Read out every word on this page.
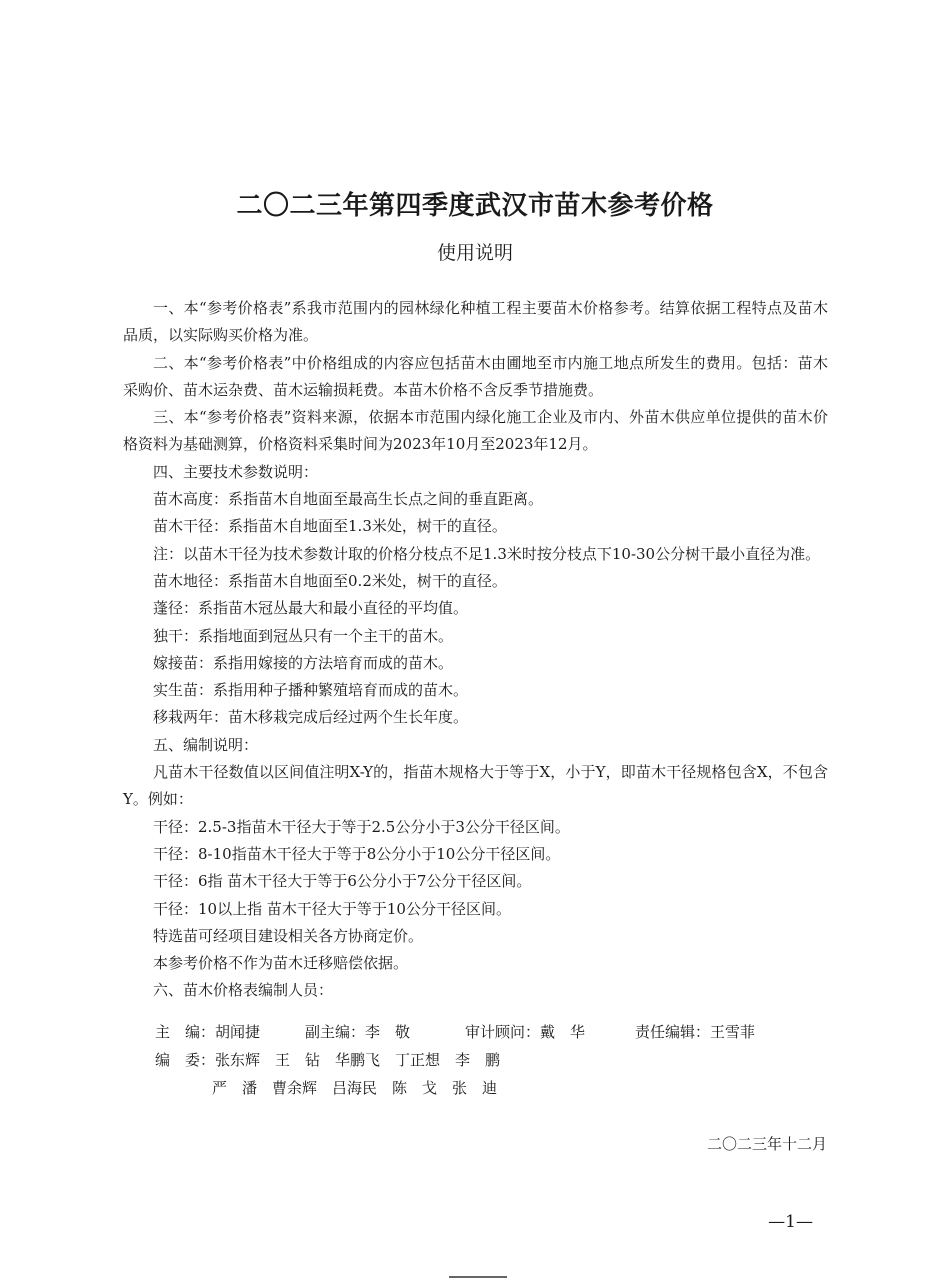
二〇二三年第四季度武汉市苗木参考价格
使用说明

一、本“参考价格表”系我市范围内的园林绿化种植工程主要苗木价格参考。结算依据工程特点及苗木品质，以实际购买价格为准。

二、本“参考价格表”中价格组成的内容应包括苗木由圃地至市内施工地点所发生的费用。包括：苗木采购价、苗木运杂费、苗木运输损耗费。本苗木价格不含反季节措施费。

三、本“参考价格表”资料来源，依据本市范围内绿化施工企业及市内、外苗木供应单位提供的苗木价格资料为基础测算，价格资料采集时间为2023年10月至2023年12月。

四、主要技术参数说明：

苗木高度：系指苗木自地面至最高生长点之间的垂直距离。

苗木干径：系指苗木自地面至1.3米处，树干的直径。

注：以苗木干径为技术参数计取的价格分枝点不足1.3米时按分枝点下10-30公分树干最小直径为准。

苗木地径：系指苗木自地面至0.2米处，树干的直径。

蓬径：系指苗木冠丛最大和最小直径的平均值。

独干：系指地面到冠丛只有一个主干的苗木。

嫁接苗：系指用嫁接的方法培育而成的苗木。

实生苗：系指用种子播种繁殖培育而成的苗木。

移栽两年：苗木移栽完成后经过两个生长年度。

五、编制说明：

凡苗木干径数值以区间值注明X-Y的，指苗木规格大于等于X，小于Y，即苗木干径规格包含X，不包含Y。例如：

干径：2.5-3指苗木干径大于等于2.5公分小于3公分干径区间。

干径：8-10指苗木干径大于等于8公分小于10公分干径区间。

干径：6指 苗木干径大于等于6公分小于7公分干径区间。

干径：10以上指 苗木干径大于等于10公分干径区间。

特选苗可经项目建设相关各方协商定价。

本参考价格不作为苗木迁移赔偿依据。

六、苗木价格表编制人员：

主　编：胡闻捷	副主编：李　敬	审计顾问：戴　华	责任编辑：王雪菲
编　委：张东辉　王　钻　华鹏飞　丁正想　李　鹏
严　潘　曹余辉　吕海民　陈　戈　张　迪
二〇二三年十二月
—1—
